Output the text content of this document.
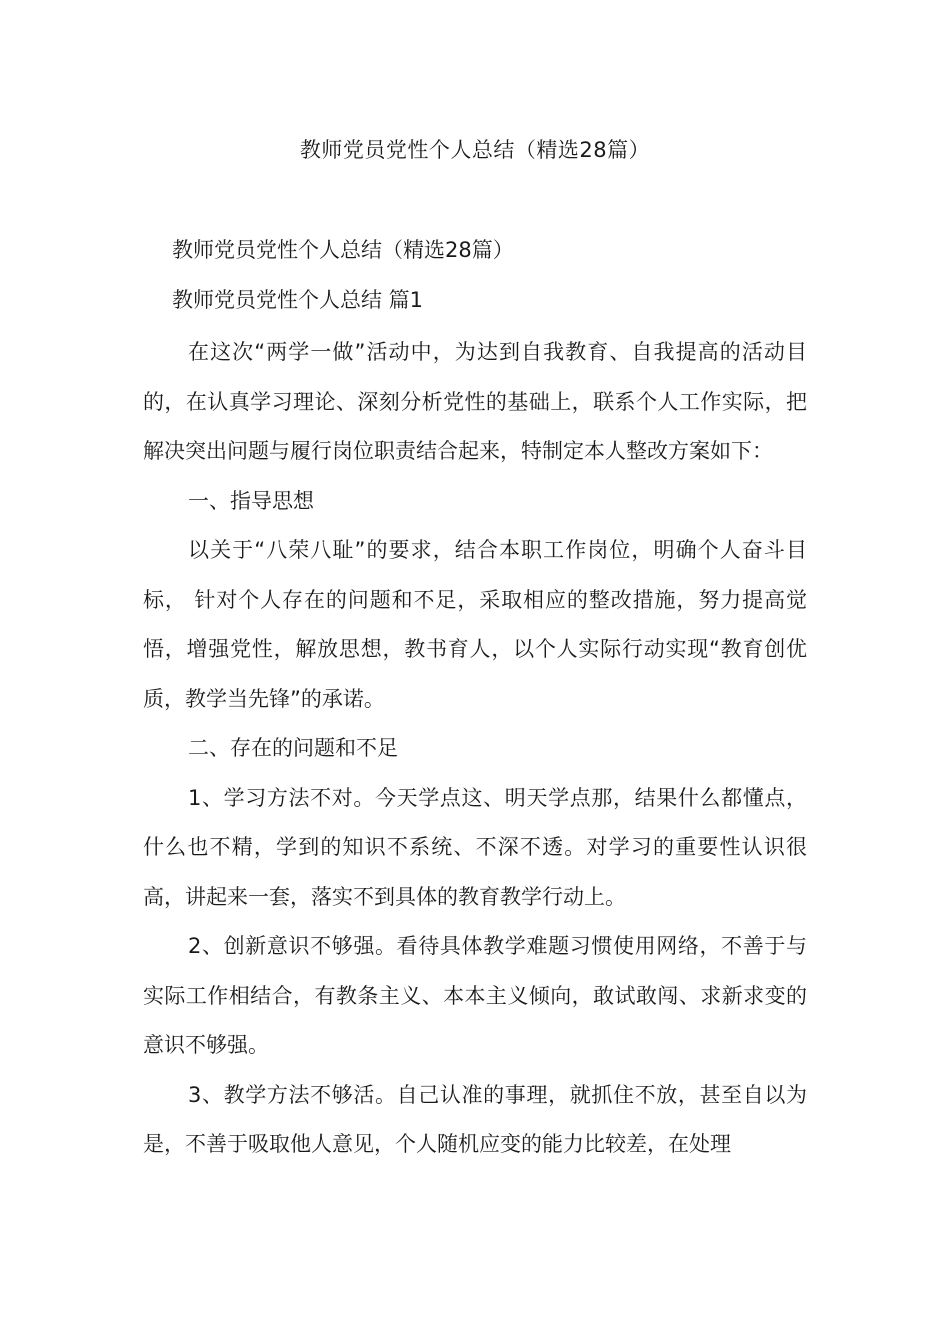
教师党员党性个人总结（精选28篇）
教师党员党性个人总结（精选28篇）
教师党员党性个人总结 篇1

在这次“两学一做”活动中，为达到自我教育、自我提高的活动目的，在认真学习理论、深刻分析党性的基础上，联系个人工作实际，把解决突出问题与履行岗位职责结合起来，特制定本人整改方案如下：

一、指导思想

以关于“八荣八耻”的要求，结合本职工作岗位，明确个人奋斗目标， 针对个人存在的问题和不足，采取相应的整改措施，努力提高觉悟，增强党性，解放思想，教书育人，以个人实际行动实现“教育创优质，教学当先锋”的承诺。

二、存在的问题和不足

1、学习方法不对。今天学点这、明天学点那，结果什么都懂点，什么也不精，学到的知识不系统、不深不透。对学习的重要性认识很高，讲起来一套，落实不到具体的教育教学行动上。

2、创新意识不够强。看待具体教学难题习惯使用网络，不善于与实际工作相结合，有教条主义、本本主义倾向，敢试敢闯、求新求变的意识不够强。

3、教学方法不够活。自己认准的事理，就抓住不放，甚至自以为是，不善于吸取他人意见，个人随机应变的能力比较差，在处理
